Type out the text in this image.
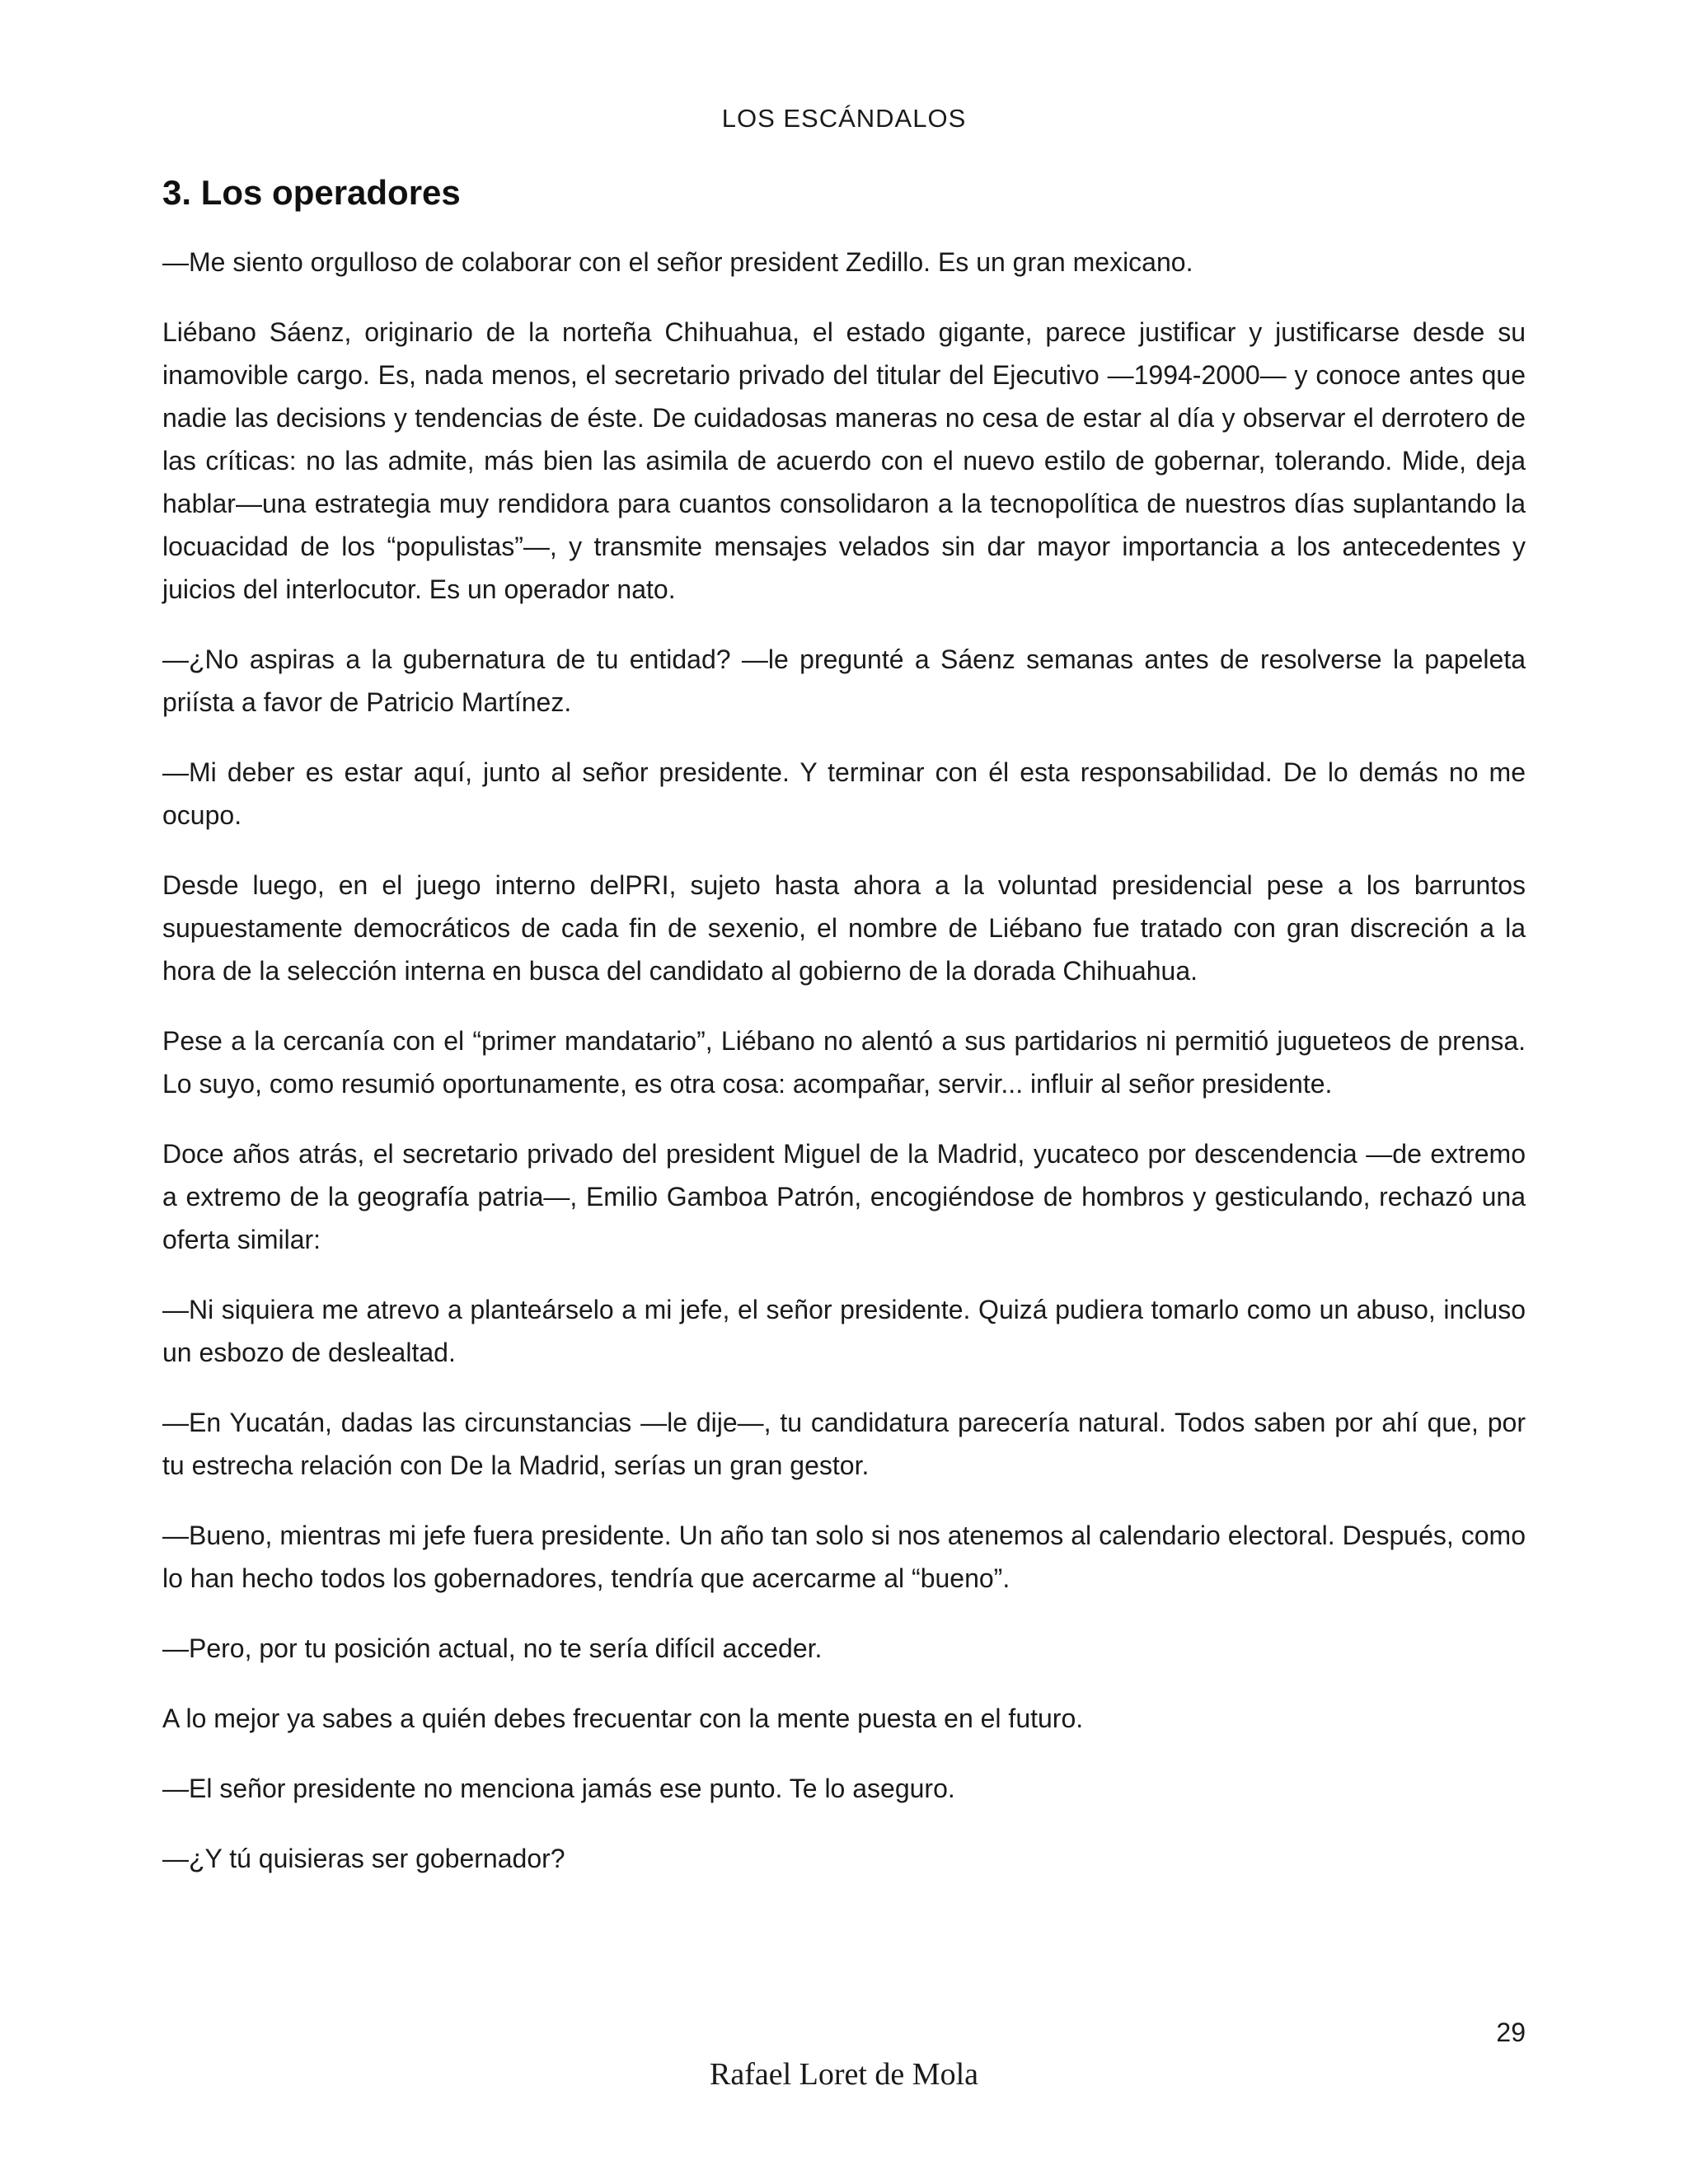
LOS ESCÁNDALOS
3. Los operadores

—Me siento orgulloso de colaborar con el señor president Zedillo. Es un gran mexicano.

Liébano Sáenz, originario de la norteña Chihuahua, el estado gigante, parece justificar y justificarse desde su inamovible cargo. Es, nada menos, el secretario privado del titular del Ejecutivo —1994-2000— y conoce antes que nadie las decisions y tendencias de éste. De cuidadosas maneras no cesa de estar al día y observar el derrotero de las críticas: no las admite, más bien las asimila de acuerdo con el nuevo estilo de gobernar, tolerando. Mide, deja hablar—una estrategia muy rendidora para cuantos consolidaron a la tecnopolítica de nuestros días suplantando la locuacidad de los “populistas”—, y transmite mensajes velados sin dar mayor importancia a los antecedentes y juicios del interlocutor. Es un operador nato.

—¿No aspiras a la gubernatura de tu entidad? —le pregunté a Sáenz semanas antes de resolverse la papeleta priísta a favor de Patricio Martínez.

—Mi deber es estar aquí, junto al señor presidente. Y terminar con él esta responsabilidad. De lo demás no me ocupo.

Desde luego, en el juego interno delPRI, sujeto hasta ahora a la voluntad presidencial pese a los barruntos supuestamente democráticos de cada fin de sexenio, el nombre de Liébano fue tratado con gran discreción a la hora de la selección interna en busca del candidato al gobierno de la dorada Chihuahua.

Pese a la cercanía con el “primer mandatario”, Liébano no alentó a sus partidarios ni permitió jugueteos de prensa. Lo suyo, como resumió oportunamente, es otra cosa: acompañar, servir... influir al señor presidente.

Doce años atrás, el secretario privado del president Miguel de la Madrid, yucateco por descendencia —de extremo a extremo de la geografía patria—, Emilio Gamboa Patrón, encogiéndose de hombros y gesticulando, rechazó una oferta similar:

—Ni siquiera me atrevo a planteárselo a mi jefe, el señor presidente. Quizá pudiera tomarlo como un abuso, incluso un esbozo de deslealtad.

—En Yucatán, dadas las circunstancias —le dije—, tu candidatura parecería natural. Todos saben por ahí que, por tu estrecha relación con De la Madrid, serías un gran gestor.

—Bueno, mientras mi jefe fuera presidente. Un año tan solo si nos atenemos al calendario electoral. Después, como lo han hecho todos los gobernadores, tendría que acercarme al “bueno”.

—Pero, por tu posición actual, no te sería difícil acceder.

A lo mejor ya sabes a quién debes frecuentar con la mente puesta en el futuro.

—El señor presidente no menciona jamás ese punto. Te lo aseguro.

—¿Y tú quisieras ser gobernador?

29
Rafael Loret de Mola
